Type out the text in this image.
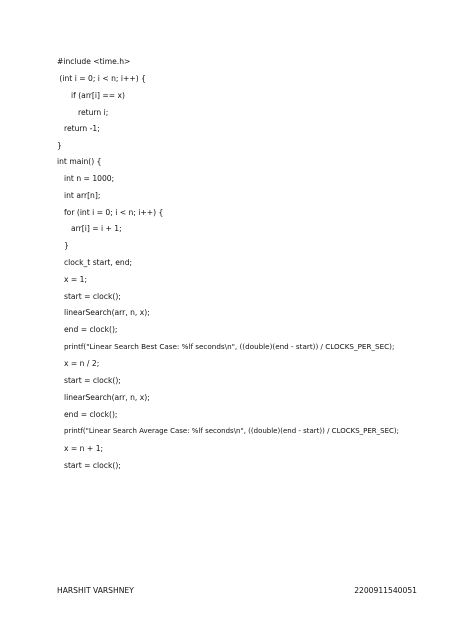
#include <time.h>
(int i = 0; i < n; i++) {
if (arr[i] == x)
return i;
return -1;
}
int main() {
int n = 1000;
int arr[n];
for (int i = 0; i < n; i++) {
arr[i] = i + 1;
}
clock_t start, end;
x = 1;
start = clock();
linearSearch(arr, n, x);
end = clock();
printf("Linear Search Best Case: %lf seconds\n", ((double)(end - start)) / CLOCKS_PER_SEC);
x = n / 2;
start = clock();
linearSearch(arr, n, x);
end = clock();
printf("Linear Search Average Case: %lf seconds\n", ((double)(end - start)) / CLOCKS_PER_SEC);
x = n + 1;
start = clock();
HARSHIT VARSHNEY	2200911540051
